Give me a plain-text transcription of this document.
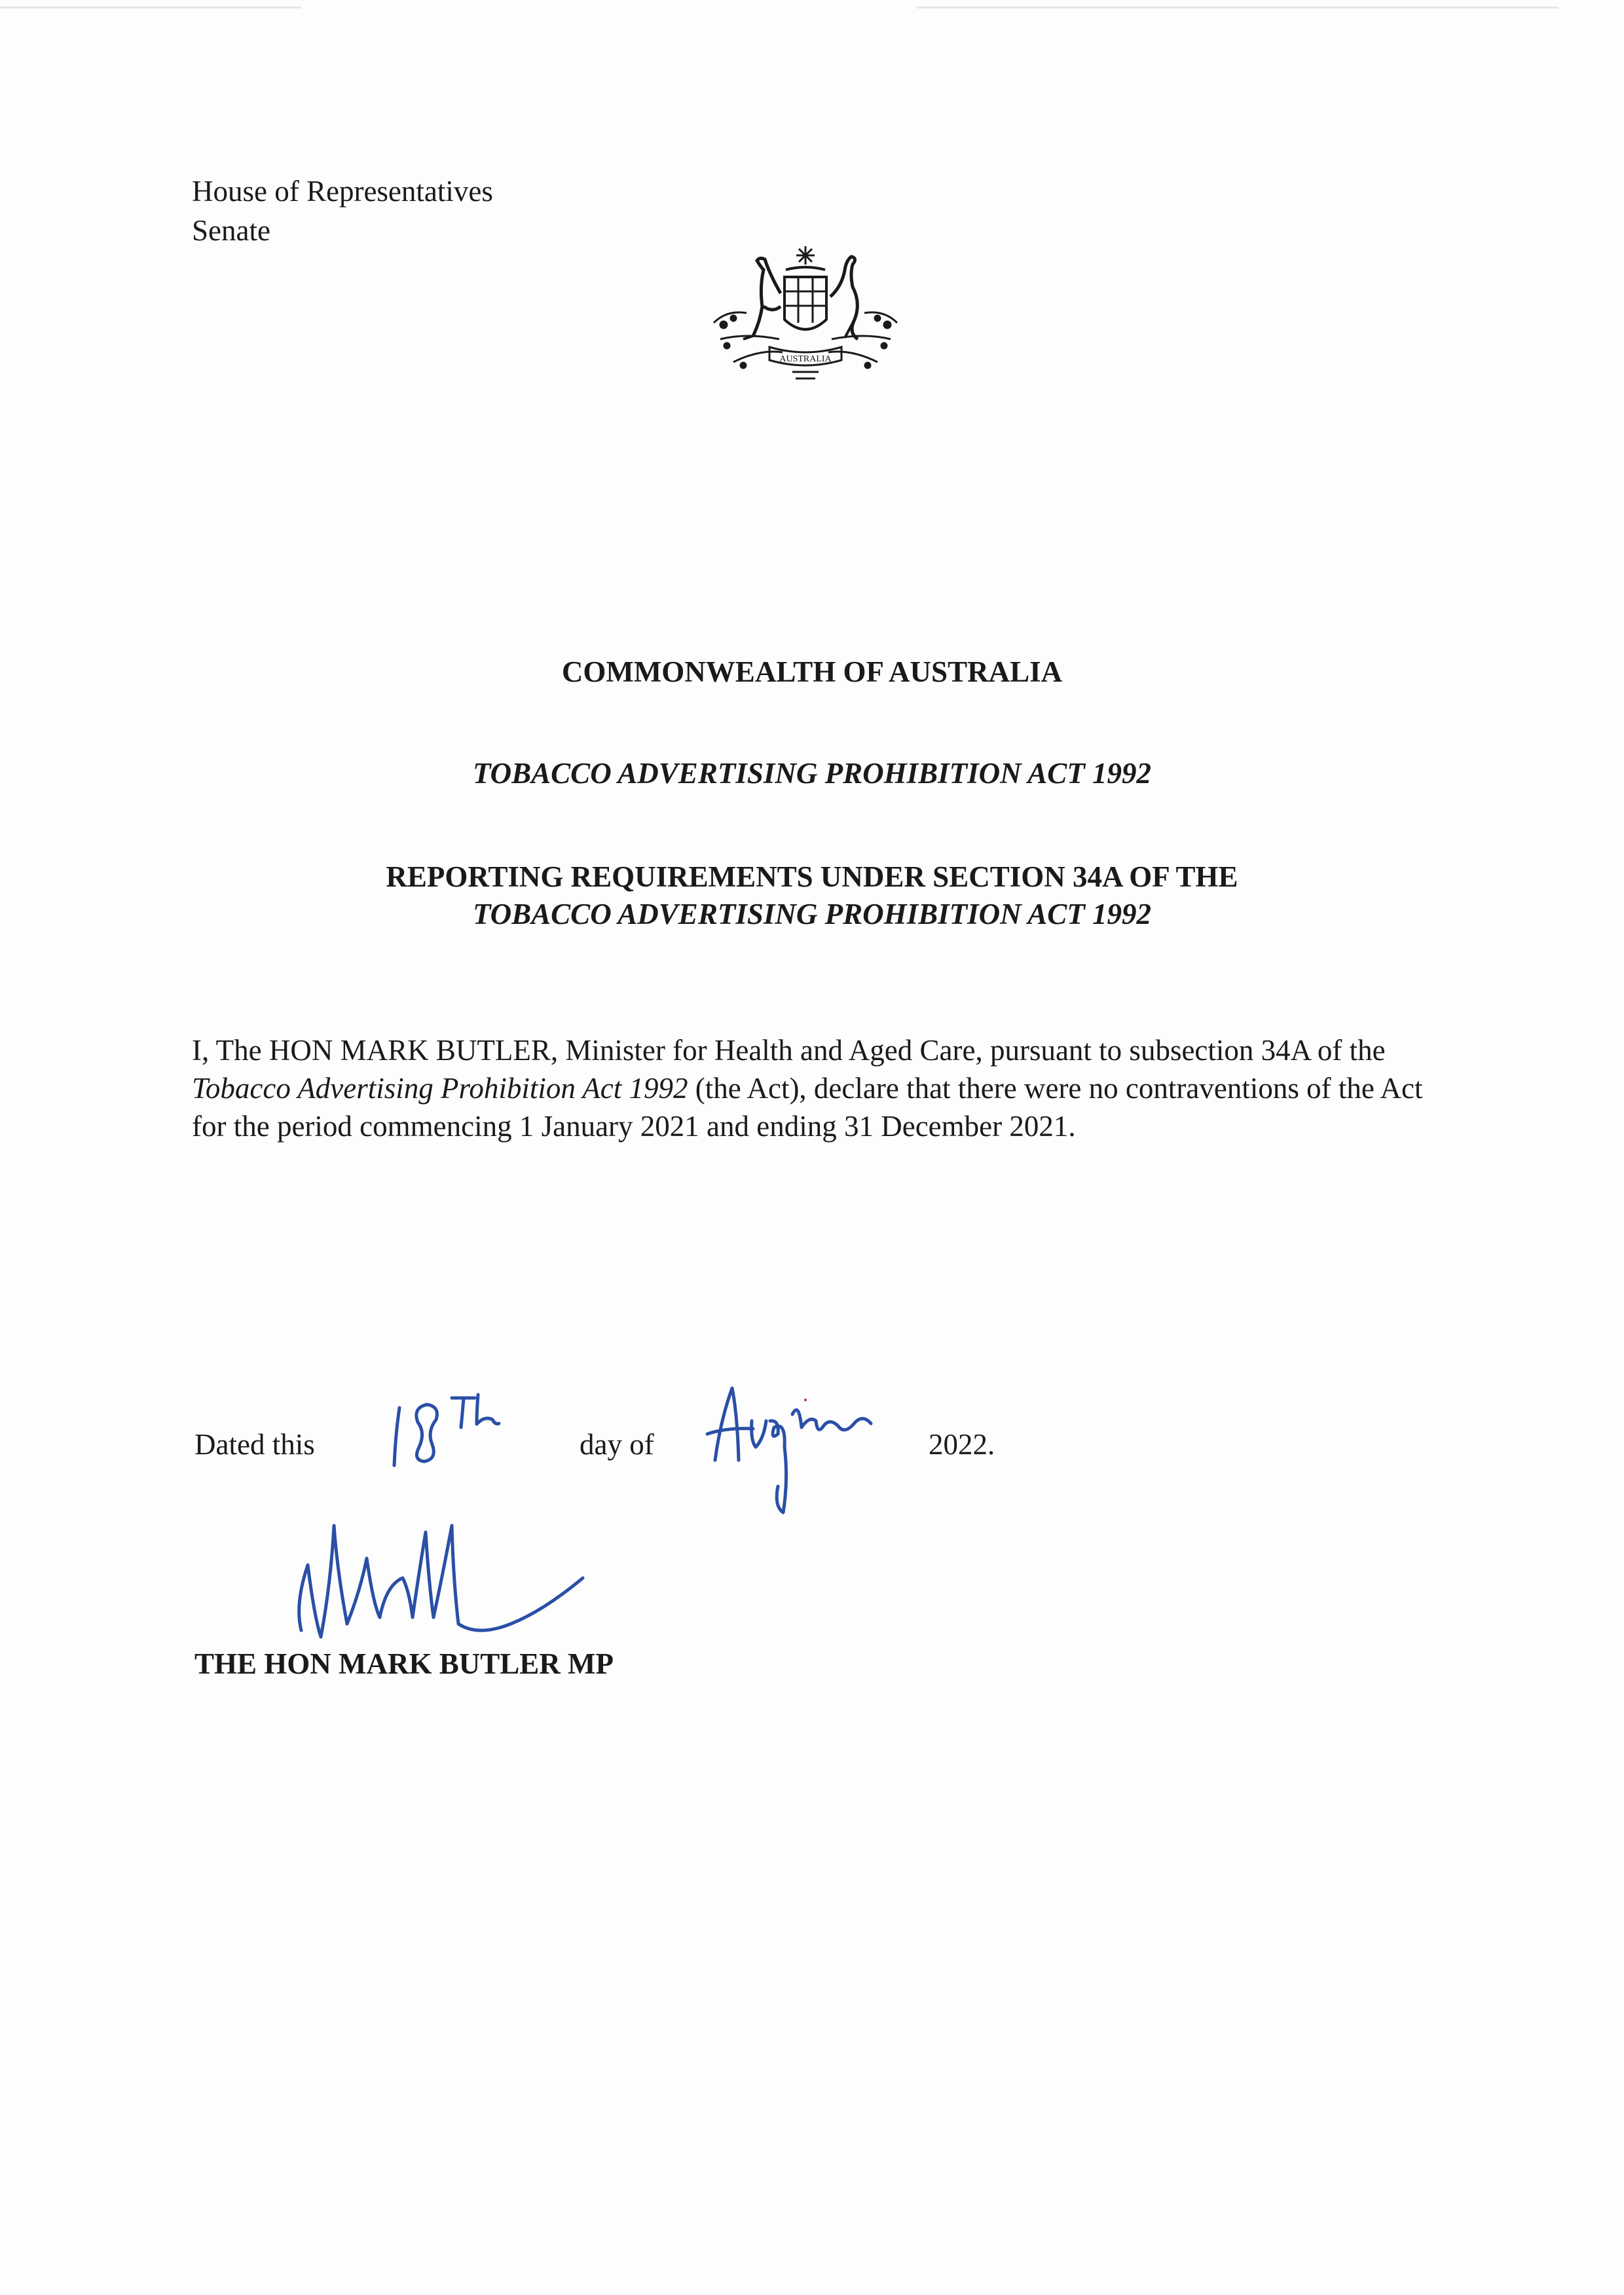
House of Representatives
Senate
AUSTRALIA
COMMONWEALTH OF AUSTRALIA
TOBACCO ADVERTISING PROHIBITION ACT 1992
REPORTING REQUIREMENTS UNDER SECTION 34A OF THE
TOBACCO ADVERTISING PROHIBITION ACT 1992
I, The HON MARK BUTLER, Minister for Health and Aged Care, pursuant to subsection 34A of the Tobacco Advertising Prohibition Act 1992 (the Act), declare that there were no contraventions of the Act for the period commencing 1 January 2021 and ending 31 December 2021.
Dated this	day of	2022.
THE HON MARK BUTLER MP
